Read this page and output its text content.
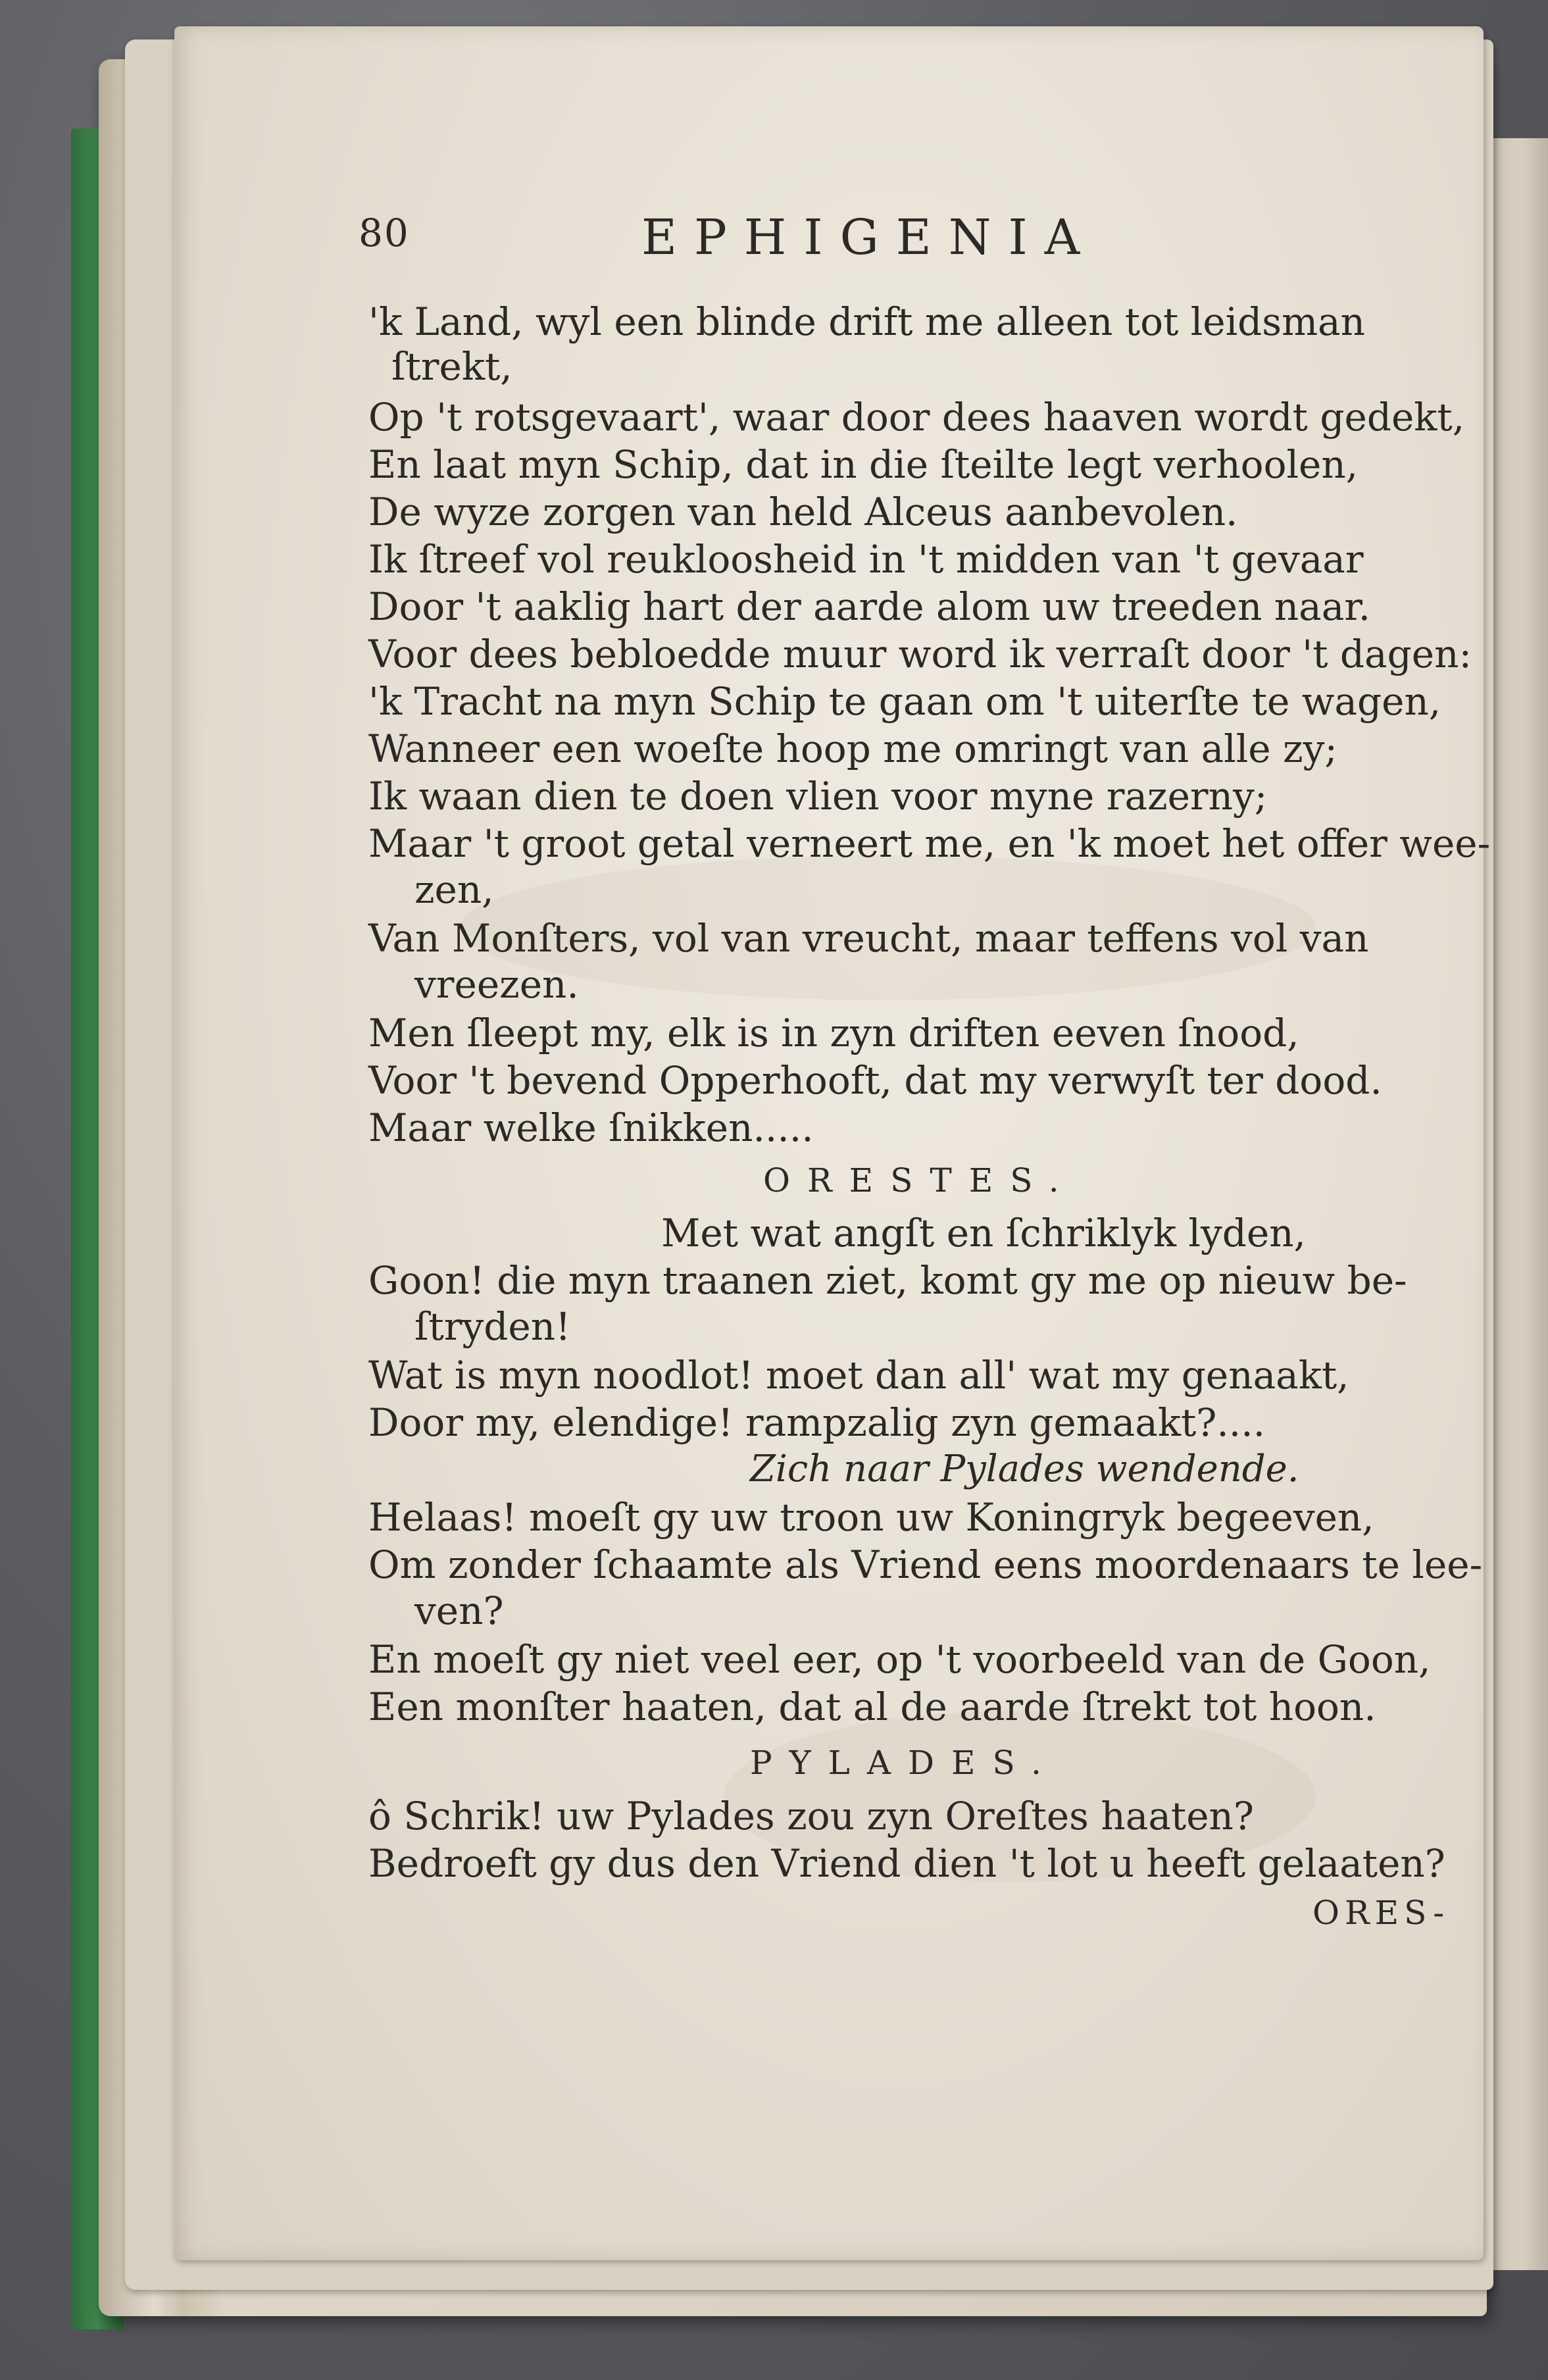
80	EPHIGENIA
'k Land, wyl een blinde drift me alleen tot leidsman
ſtrekt,
Op 't rotsgevaart', waar door dees haaven wordt gedekt,
En laat myn Schip, dat in die ſteilte legt verhoolen,
De wyze zorgen van held Alceus aanbevolen.
Ik ſtreef vol reukloosheid in 't midden van 't gevaar
Door 't aaklig hart der aarde alom uw treeden naar.
Voor dees bebloedde muur word ik verraſt door 't dagen:
'k Tracht na myn Schip te gaan om 't uiterſte te wagen,
Wanneer een woeſte hoop me omringt van alle zy;
Ik waan dien te doen vlien voor myne razerny;
Maar 't groot getal verneert me, en 'k moet het offer wee-
zen,
Van Monſters, vol van vreucht, maar teffens vol van
vreezen.
Men ſleept my, elk is in zyn driften eeven ſnood,
Voor 't bevend Opperhooft, dat my verwyſt ter dood.
Maar welke ſnikken.....
ORESTES.
Met wat angſt en ſchriklyk lyden,
Goon! die myn traanen ziet, komt gy me op nieuw be-
ſtryden!
Wat is myn noodlot! moet dan all' wat my genaakt,
Door my, elendige! rampzalig zyn gemaakt?....
Zich naar Pylades wendende.
Helaas! moeſt gy uw troon uw Koningryk begeeven,
Om zonder ſchaamte als Vriend eens moordenaars te lee-
ven?
En moeſt gy niet veel eer, op 't voorbeeld van de Goon,
Een monſter haaten, dat al de aarde ſtrekt tot hoon.
PYLADES.
ô Schrik! uw Pylades zou zyn Oreſtes haaten?
Bedroeft gy dus den Vriend dien 't lot u heeft gelaaten?
ORES-
